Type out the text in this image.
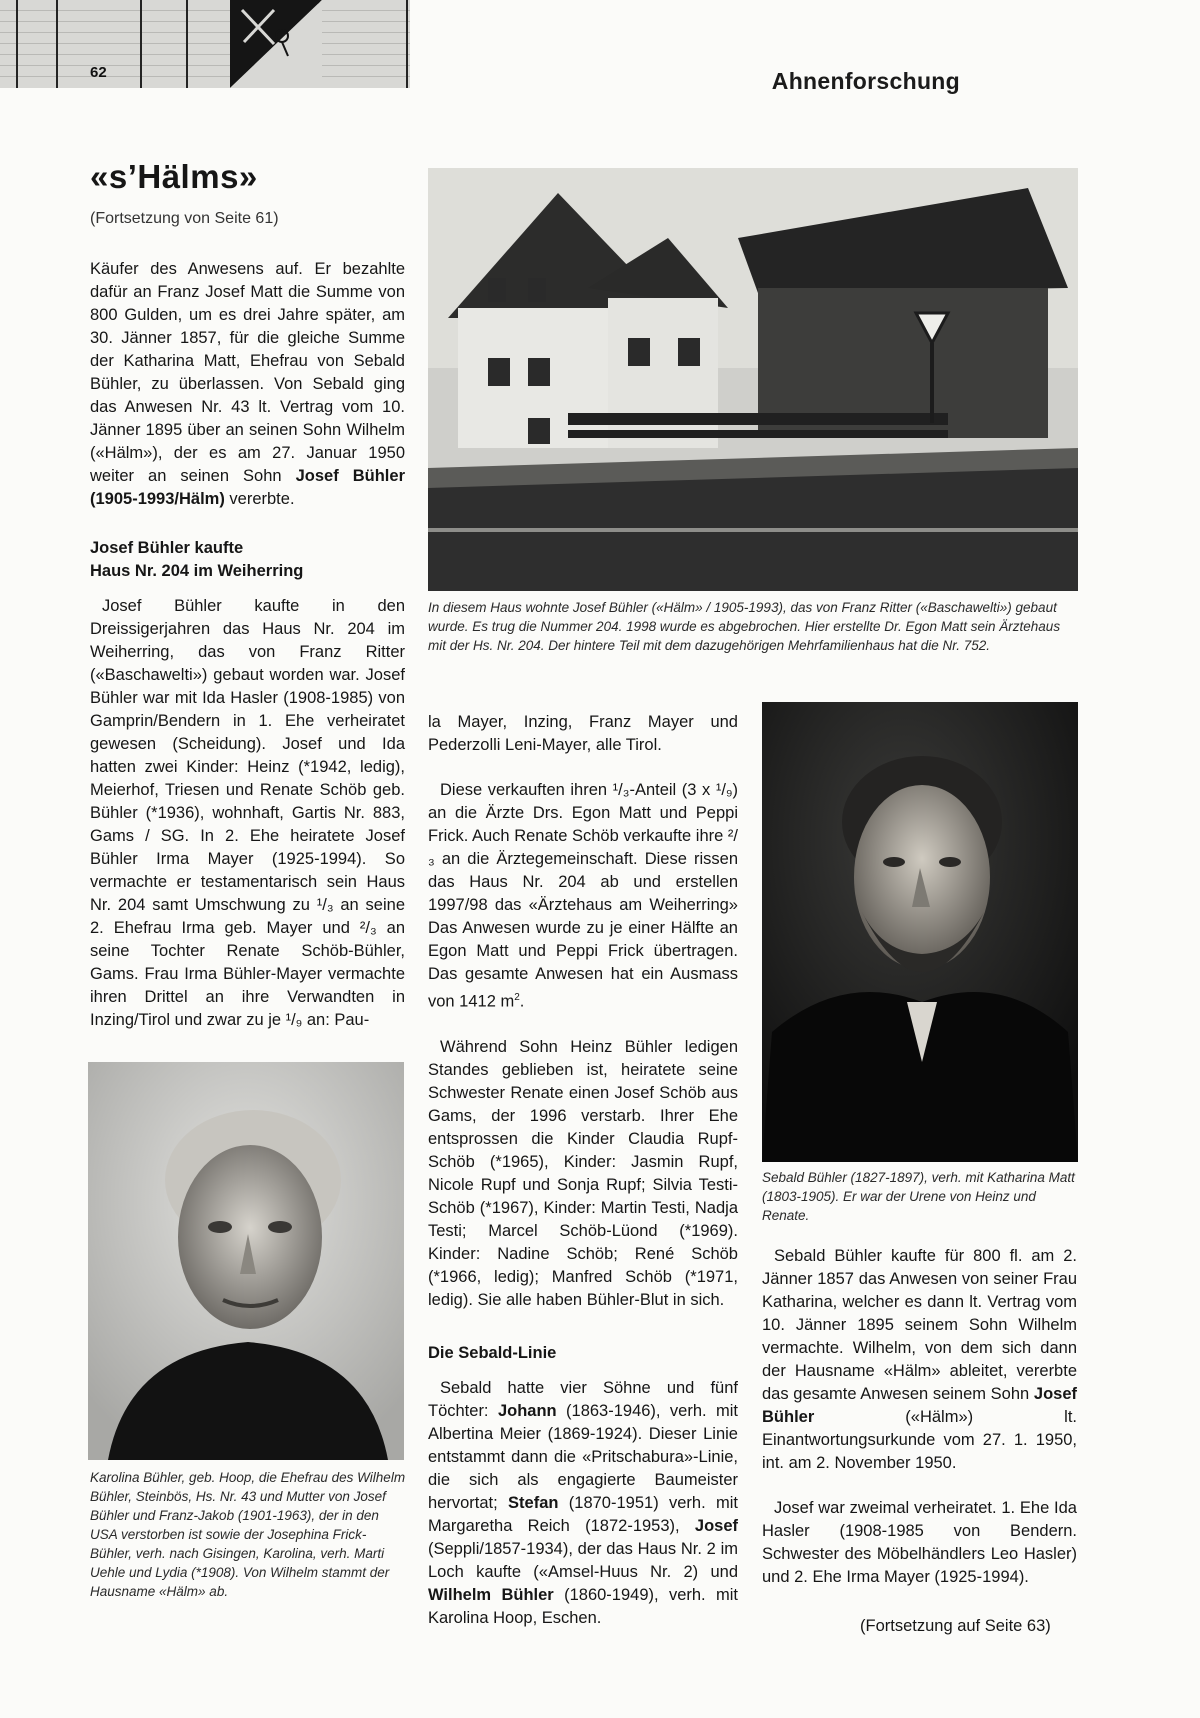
62	Ahnenforschung
«s’Hälms»
(Fortsetzung von Seite 61)

Käufer des Anwesens auf. Er bezahlte dafür an Franz Josef Matt die Summe von 800 Gulden, um es drei Jahre später, am 30. Jänner 1857, für die gleiche Summe der Katharina Matt, Ehefrau von Sebald Bühler, zu überlassen. Von Sebald ging das Anwesen Nr. 43 lt. Vertrag vom 10. Jänner 1895 über an seinen Sohn Wilhelm («Hälm»), der es am 27. Januar 1950 weiter an seinen Sohn Josef Bühler (1905-1993/Hälm) vererbte.

Josef Bühler kaufte
Haus Nr. 204 im Weiherring

Josef Bühler kaufte in den Dreissigerjahren das Haus Nr. 204 im Weiherring, das von Franz Ritter («Baschawelti») gebaut worden war. Josef Bühler war mit Ida Hasler (1908-1985) von Gamprin/Bendern in 1. Ehe verheiratet gewesen (Scheidung). Josef und Ida hatten zwei Kinder: Heinz (*1942, ledig), Meierhof, Triesen und Renate Schöb geb. Bühler (*1936), wohnhaft, Gartis Nr. 883, Gams / SG. In 2. Ehe heiratete Josef Bühler Irma Mayer (1925-1994). So vermachte er testamentarisch sein Haus Nr. 204 samt Umschwung zu ¹/₃ an seine 2. Ehefrau Irma geb. Mayer und ²/₃ an seine Tochter Renate Schöb-Bühler, Gams. Frau Irma Bühler-Mayer vermachte ihren Drittel an ihre Verwandten in Inzing/Tirol und zwar zu je ¹/₉ an: Pau-

Karolina Bühler, geb. Hoop, die Ehefrau des Wilhelm Bühler, Steinbös, Hs. Nr. 43 und Mutter von Josef Bühler und Franz-Jakob (1901-1963), der in den USA verstorben ist sowie der Josephina Frick-Bühler, verh. nach Gisingen, Karolina, verh. Marti Uehle und Lydia (*1908). Von Wilhelm stammt der Hausname «Hälm» ab.
In diesem Haus wohnte Josef Bühler («Hälm» / 1905-1993), das von Franz Ritter («Baschawelti») gebaut wurde. Es trug die Nummer 204. 1998 wurde es abgebrochen. Hier erstellte Dr. Egon Matt sein Ärztehaus mit der Hs. Nr. 204. Der hintere Teil mit dem dazugehörigen Mehrfamilienhaus hat die Nr. 752.

la Mayer, Inzing, Franz Mayer und Pederzolli Leni-Mayer, alle Tirol.

Diese verkauften ihren ¹/₃-Anteil (3 x ¹/₉) an die Ärzte Drs. Egon Matt und Peppi Frick. Auch Renate Schöb verkaufte ihre ²/₃ an die Ärztegemeinschaft. Diese rissen das Haus Nr. 204 ab und erstellen 1997/98 das «Ärztehaus am Weiherring» Das Anwesen wurde zu je einer Hälfte an Egon Matt und Peppi Frick übertragen. Das gesamte Anwesen hat ein Ausmass von 1412 $m^2$.

Während Sohn Heinz Bühler ledigen Standes geblieben ist, heiratete seine Schwester Renate einen Josef Schöb aus Gams, der 1996 verstarb. Ihrer Ehe entsprossen die Kinder Claudia Rupf-Schöb (*1965), Kinder: Jasmin Rupf, Nicole Rupf und Sonja Rupf; Silvia Testi-Schöb (*1967), Kinder: Martin Testi, Nadja Testi; Marcel Schöb-Lüond (*1969). Kinder: Nadine Schöb; René Schöb (*1966, ledig); Manfred Schöb (*1971, ledig). Sie alle haben Bühler-Blut in sich.

Die Sebald-Linie

Sebald hatte vier Söhne und fünf Töchter: Johann (1863-1946), verh. mit Albertina Meier (1869-1924). Dieser Linie entstammt dann die «Pritschabura»-Linie, die sich als engagierte Baumeister hervortat; Stefan (1870-1951) verh. mit Margaretha Reich (1872-1953), Josef (Seppli/1857-1934), der das Haus Nr. 2 im Loch kaufte («Amsel-Huus Nr. 2) und Wilhelm Bühler (1860-1949), verh. mit Karolina Hoop, Eschen.

Sebald Bühler (1827-1897), verh. mit Katharina Matt (1803-1905). Er war der Urene von Heinz und Renate.

Sebald Bühler kaufte für 800 fl. am 2. Jänner 1857 das Anwesen von seiner Frau Katharina, welcher es dann lt. Vertrag vom 10. Jänner 1895 seinem Sohn Wilhelm vermachte. Wilhelm, von dem sich dann der Hausname «Hälm» ableitet, vererbte das gesamte Anwesen seinem Sohn Josef Bühler («Hälm») lt. Einantwortungsurkunde vom 27. 1. 1950, int. am 2. November 1950.

Josef war zweimal verheiratet. 1. Ehe Ida Hasler (1908-1985 von Bendern. Schwester des Möbelhändlers Leo Hasler) und 2. Ehe Irma Mayer (1925-1994).

(Fortsetzung auf Seite 63)
